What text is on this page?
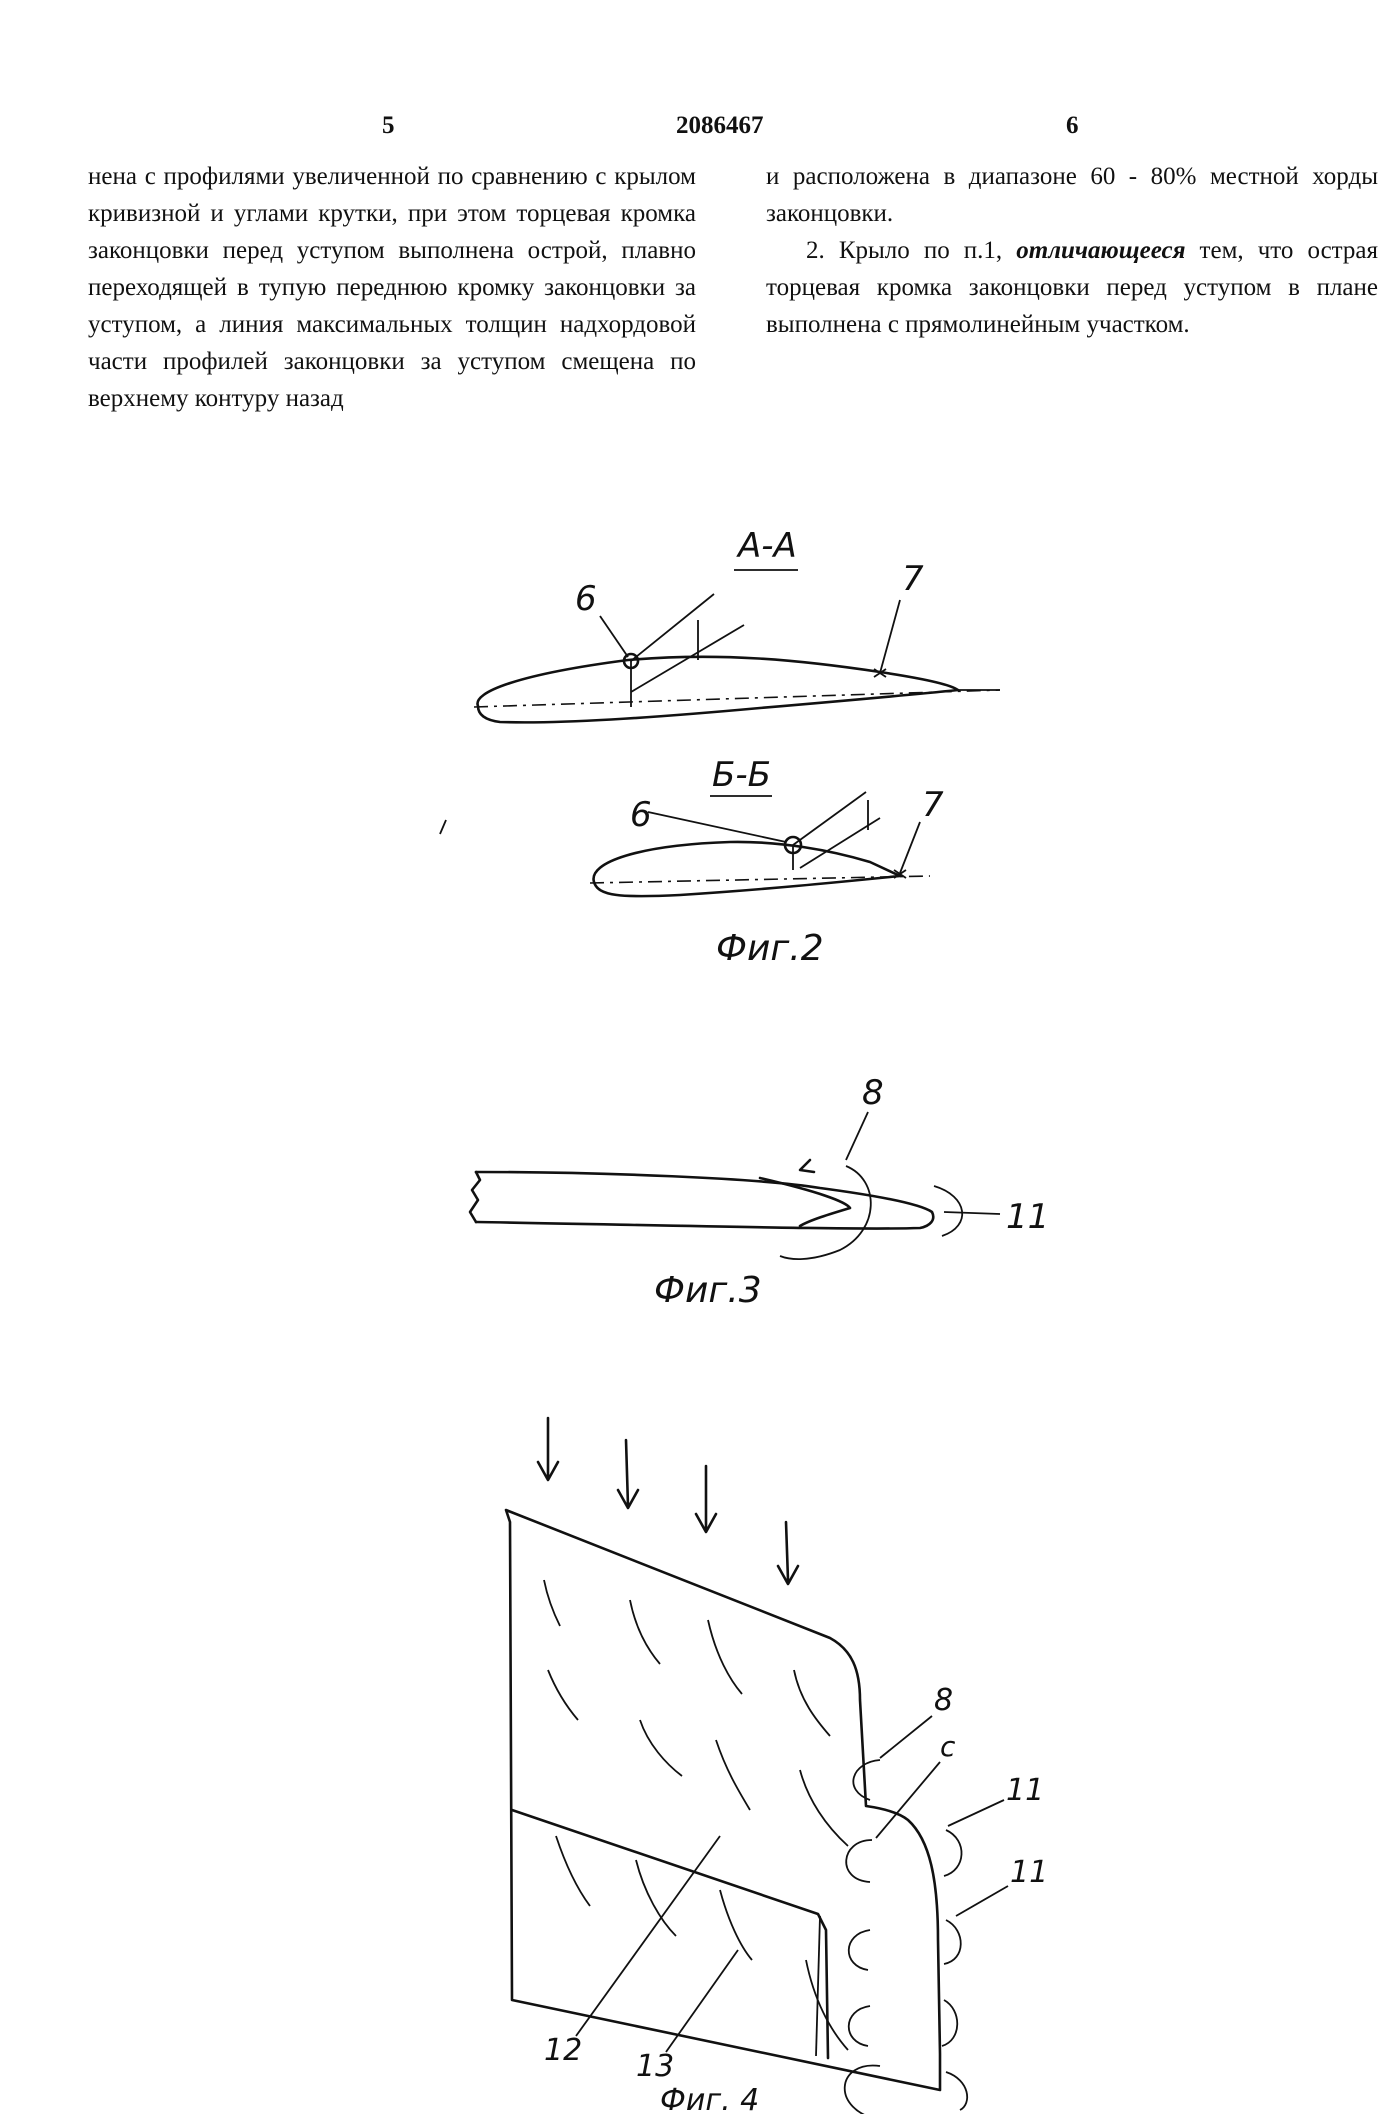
5	2086467	6

нена с профилями увеличенной по сравнению с крылом кривизной и углами крутки, при этом торцевая кромка законцовки перед уступом выполнена острой, плавно переходящей в тупую переднюю кромку законцовки за уступом, а линия максимальных толщин надхордовой части профилей законцовки за уступом смещена по верхнему контуру назад

и расположена в диапазоне 60 - 80% местной хорды законцовки.

2. Крыло по п.1, отличающееся тем, что острая торцевая кромка законцовки перед уступом в плане выполнена с прямолинейным участком.

А-А
6	7
Б-Б
6	7
Фиг.2
8
11
Фиг.3
8
с
11
11
12 13
Фиг. 4
